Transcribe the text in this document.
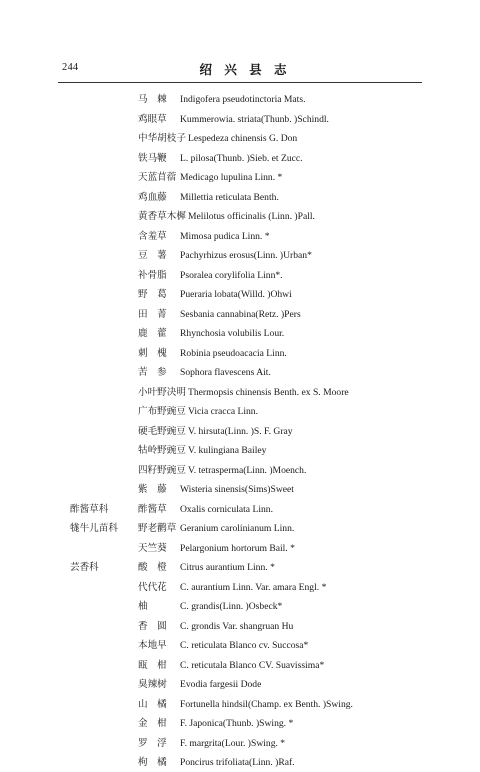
244	绍 兴 县 志
马　棘 Indigofera pseudotinctoria Mats.
鸡眼草 Kummerowia. striata(Thunb. )Schindl.
中华胡枝子 Lespedeza chinensis G. Don
铁马鞭 L. pilosa(Thunb. )Sieb. et Zucc.
天蓝苜蓿 Medicago lupulina Linn. *
鸡血藤 Millettia reticulata Benth.
黄香草木樨 Melilotus officinalis (Linn. )Pall.
含羞草 Mimosa pudica Linn. *
豆　薯 Pachyrhizus erosus(Linn. )Urban*
补骨脂 Psoralea corylifolia Linn*.
野　葛 Pueraria lobata(Willd. )Ohwi
田　菁 Sesbania cannabina(Retz. )Pers
鹿　藿 Rhynchosia volubilis Lour.
刺　槐 Robinia pseudoacacia Linn.
苦　参 Sophora flavescens Ait.
小叶野决明 Thermopsis chinensis Benth. ex S. Moore
广布野豌豆 Vicia cracca Linn.
硬毛野豌豆 V. hirsuta(Linn. )S. F. Gray
牯岭野豌豆 V. kulingiana Bailey
四籽野豌豆 V. tetrasperma(Linn. )Moench.
紫　藤 Wisteria sinensis(Sims)Sweet
酢酱草科	酢酱草 Oxalis corniculata Linn.
牻牛儿苗科 野老鹳草 Geranium carolinianum Linn.
天竺葵 Pelargonium hortorum Bail. *
芸香科	酸　橙 Citrus aurantium Linn. *
代代花 C. aurantium Linn. Var. amara Engl. *
柚	C. grandis(Linn. )Osbeck*
香　圆 C. grondis Var. shangruan Hu
本地早 C. reticulata Blanco cv. Succosa*
瓯　柑 C. reticutala Blanco CV. Suavissima*
臭辣树 Evodia fargesii Dode
山　橘 Fortunella hindsil(Champ. ex Benth. )Swing.
金　柑 F. Japonica(Thunb. )Swing. *
罗　浮 F. margrita(Lour. )Swing. *
枸　橘 Poncirus trifoliata(Linn. )Raf.
